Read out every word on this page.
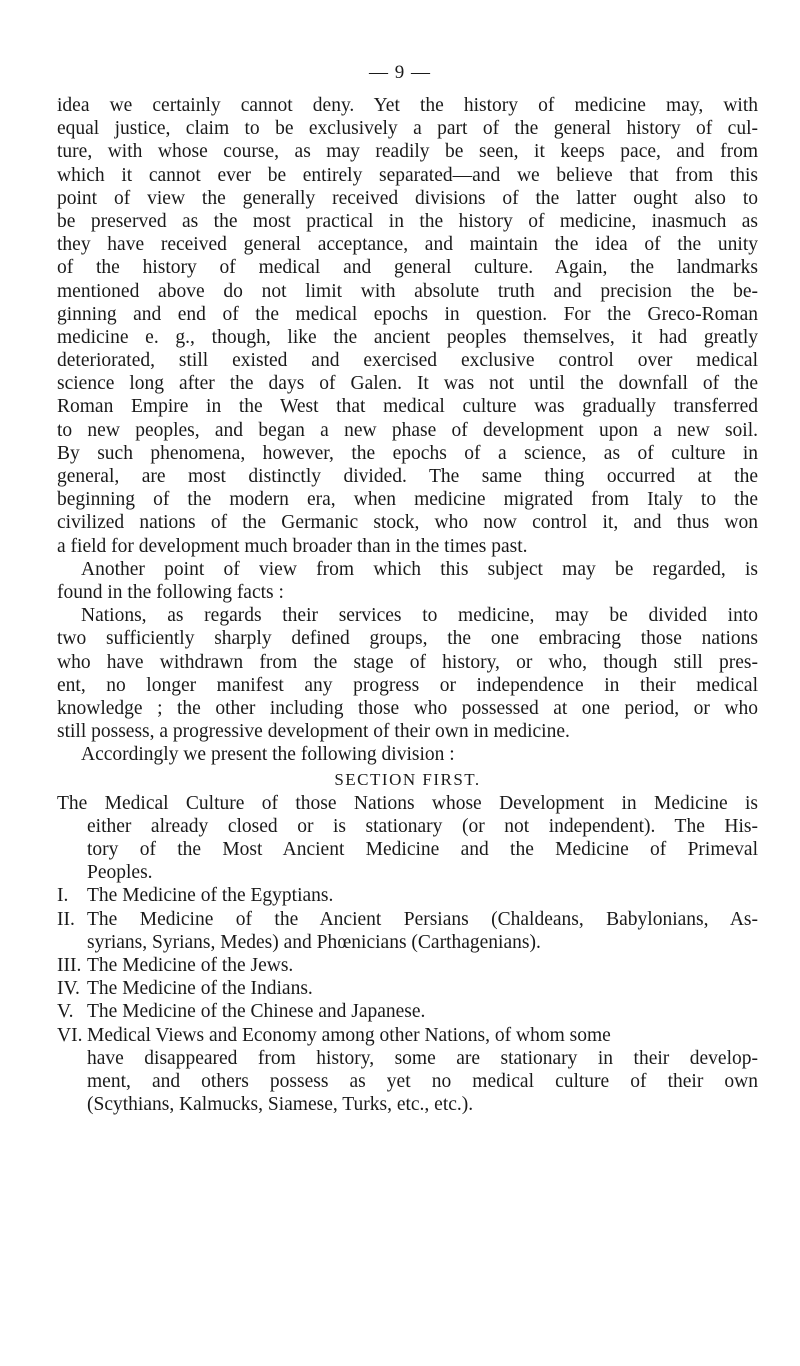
— 9 —
idea we certainly cannot deny. Yet the history of medicine may, with
equal justice, claim to be exclusively a part of the general history of cul-
ture, with whose course, as may readily be seen, it keeps pace, and from
which it cannot ever be entirely separated—and we believe that from this
point of view the generally received divisions of the latter ought also to
be preserved as the most practical in the history of medicine, inasmuch as
they have received general acceptance, and maintain the idea of the unity
of the history of medical and general culture. Again, the landmarks
mentioned above do not limit with absolute truth and precision the be-
ginning and end of the medical epochs in question. For the Greco-Roman
medicine e. g., though, like the ancient peoples themselves, it had greatly
deteriorated, still existed and exercised exclusive control over medical
science long after the days of Galen. It was not until the downfall of the
Roman Empire in the West that medical culture was gradually transferred
to new peoples, and began a new phase of development upon a new soil.
By such phenomena, however, the epochs of a science, as of culture in
general, are most distinctly divided. The same thing occurred at the
beginning of the modern era, when medicine migrated from Italy to the
civilized nations of the Germanic stock, who now control it, and thus won
a field for development much broader than in the times past.
Another point of view from which this subject may be regarded, is
found in the following facts :
Nations, as regards their services to medicine, may be divided into
two sufficiently sharply defined groups, the one embracing those nations
who have withdrawn from the stage of history, or who, though still pres-
ent, no longer manifest any progress or independence in their medical
knowledge ; the other including those who possessed at one period, or who
still possess, a progressive development of their own in medicine.
Accordingly we present the following division :
SECTION FIRST.
The Medical Culture of those Nations whose Development in Medicine is
either already closed or is stationary (or not independent). The His-
tory of the Most Ancient Medicine and the Medicine of Primeval
Peoples.
I. The Medicine of the Egyptians.
II. The Medicine of the Ancient Persians (Chaldeans, Babylonians, As-
syrians, Syrians, Medes) and Phœnicians (Carthagenians).
III. The Medicine of the Jews.
IV. The Medicine of the Indians.
V. The Medicine of the Chinese and Japanese.
VI. Medical Views and Economy among other Nations, of whom some
have disappeared from history, some are stationary in their develop-
ment, and others possess as yet no medical culture of their own
(Scythians, Kalmucks, Siamese, Turks, etc., etc.).
